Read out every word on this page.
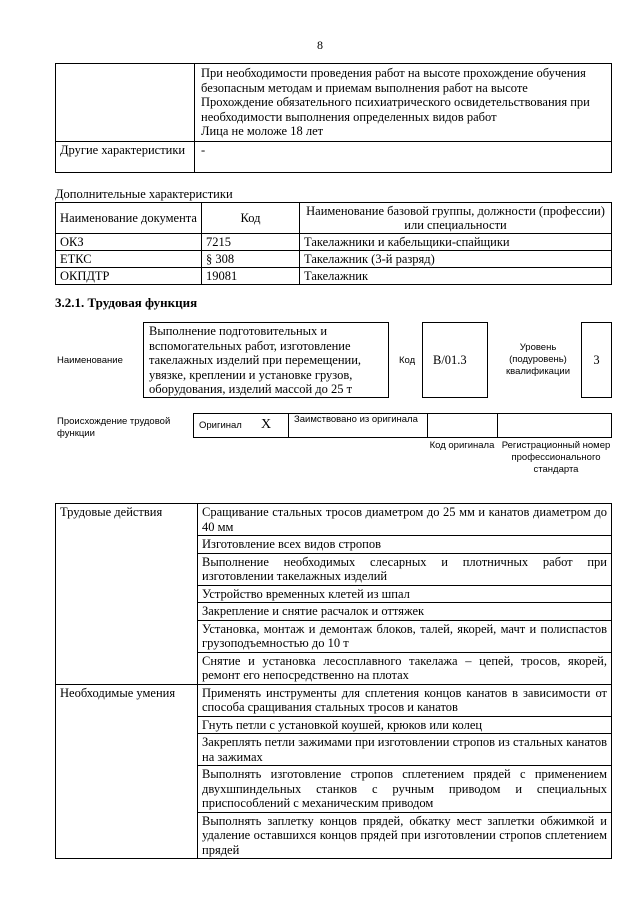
8

	При необходимости проведения работ на высоте прохождение обучения безопасным методам и приемам выполнения работ на высоте
Прохождение обязательного психиатрического освидетельствования при необходимости выполнения определенных видов работ
Лица не моложе 18 лет

Другие характеристики	-
Дополнительные характеристики
Наименование документа	Код	Наименование базовой группы, должности (профессии) или специальности
ОКЗ	7215	Такелажники и кабельщики-спайщики
ЕТКС	§ 308	Такелажник (3-й разряд)
ОКПДТР	19081	Такелажник
3.2.1. Трудовая функция
Наименование
Выполнение подготовительных и вспомогательных работ, изготовление такелажных изделий при перемещении, увязке, креплении и установке грузов, оборудования, изделий массой до 25 т
Код	B/01.3
Уровень (подуровень) квалификации
3
Происхождение трудовой функции
Оригинал X Заимствовано из оригинала
Код оригинала Регистрационный номер профессионального стандарта
Трудовые действия	Сращивание стальных тросов диаметром до 25 мм и канатов диаметром до 40 мм
	Изготовление всех видов стропов
	Выполнение необходимых слесарных и плотничных работ при изготовлении такелажных изделий
	Устройство временных клетей из шпал
	Закрепление и снятие расчалок и оттяжек
	Установка, монтаж и демонтаж блоков, талей, якорей, мачт и полиспастов грузоподъемностью до 10 т
	Снятие и установка лесосплавного такелажа – цепей, тросов, якорей, ремонт его непосредственно на плотах
Необходимые умения	Применять инструменты для сплетения концов канатов в зависимости от способа сращивания стальных тросов и канатов
	Гнуть петли с установкой коушей, крюков или колец
	Закреплять петли зажимами при изготовлении стропов из стальных канатов на зажимах
	Выполнять изготовление стропов сплетением прядей с применением двухшпиндельных станков с ручным приводом и специальных приспособлений с механическим приводом
	Выполнять заплетку концов прядей, обкатку мест заплетки обжимкой и удаление оставшихся концов прядей при изготовлении стропов сплетением прядей
